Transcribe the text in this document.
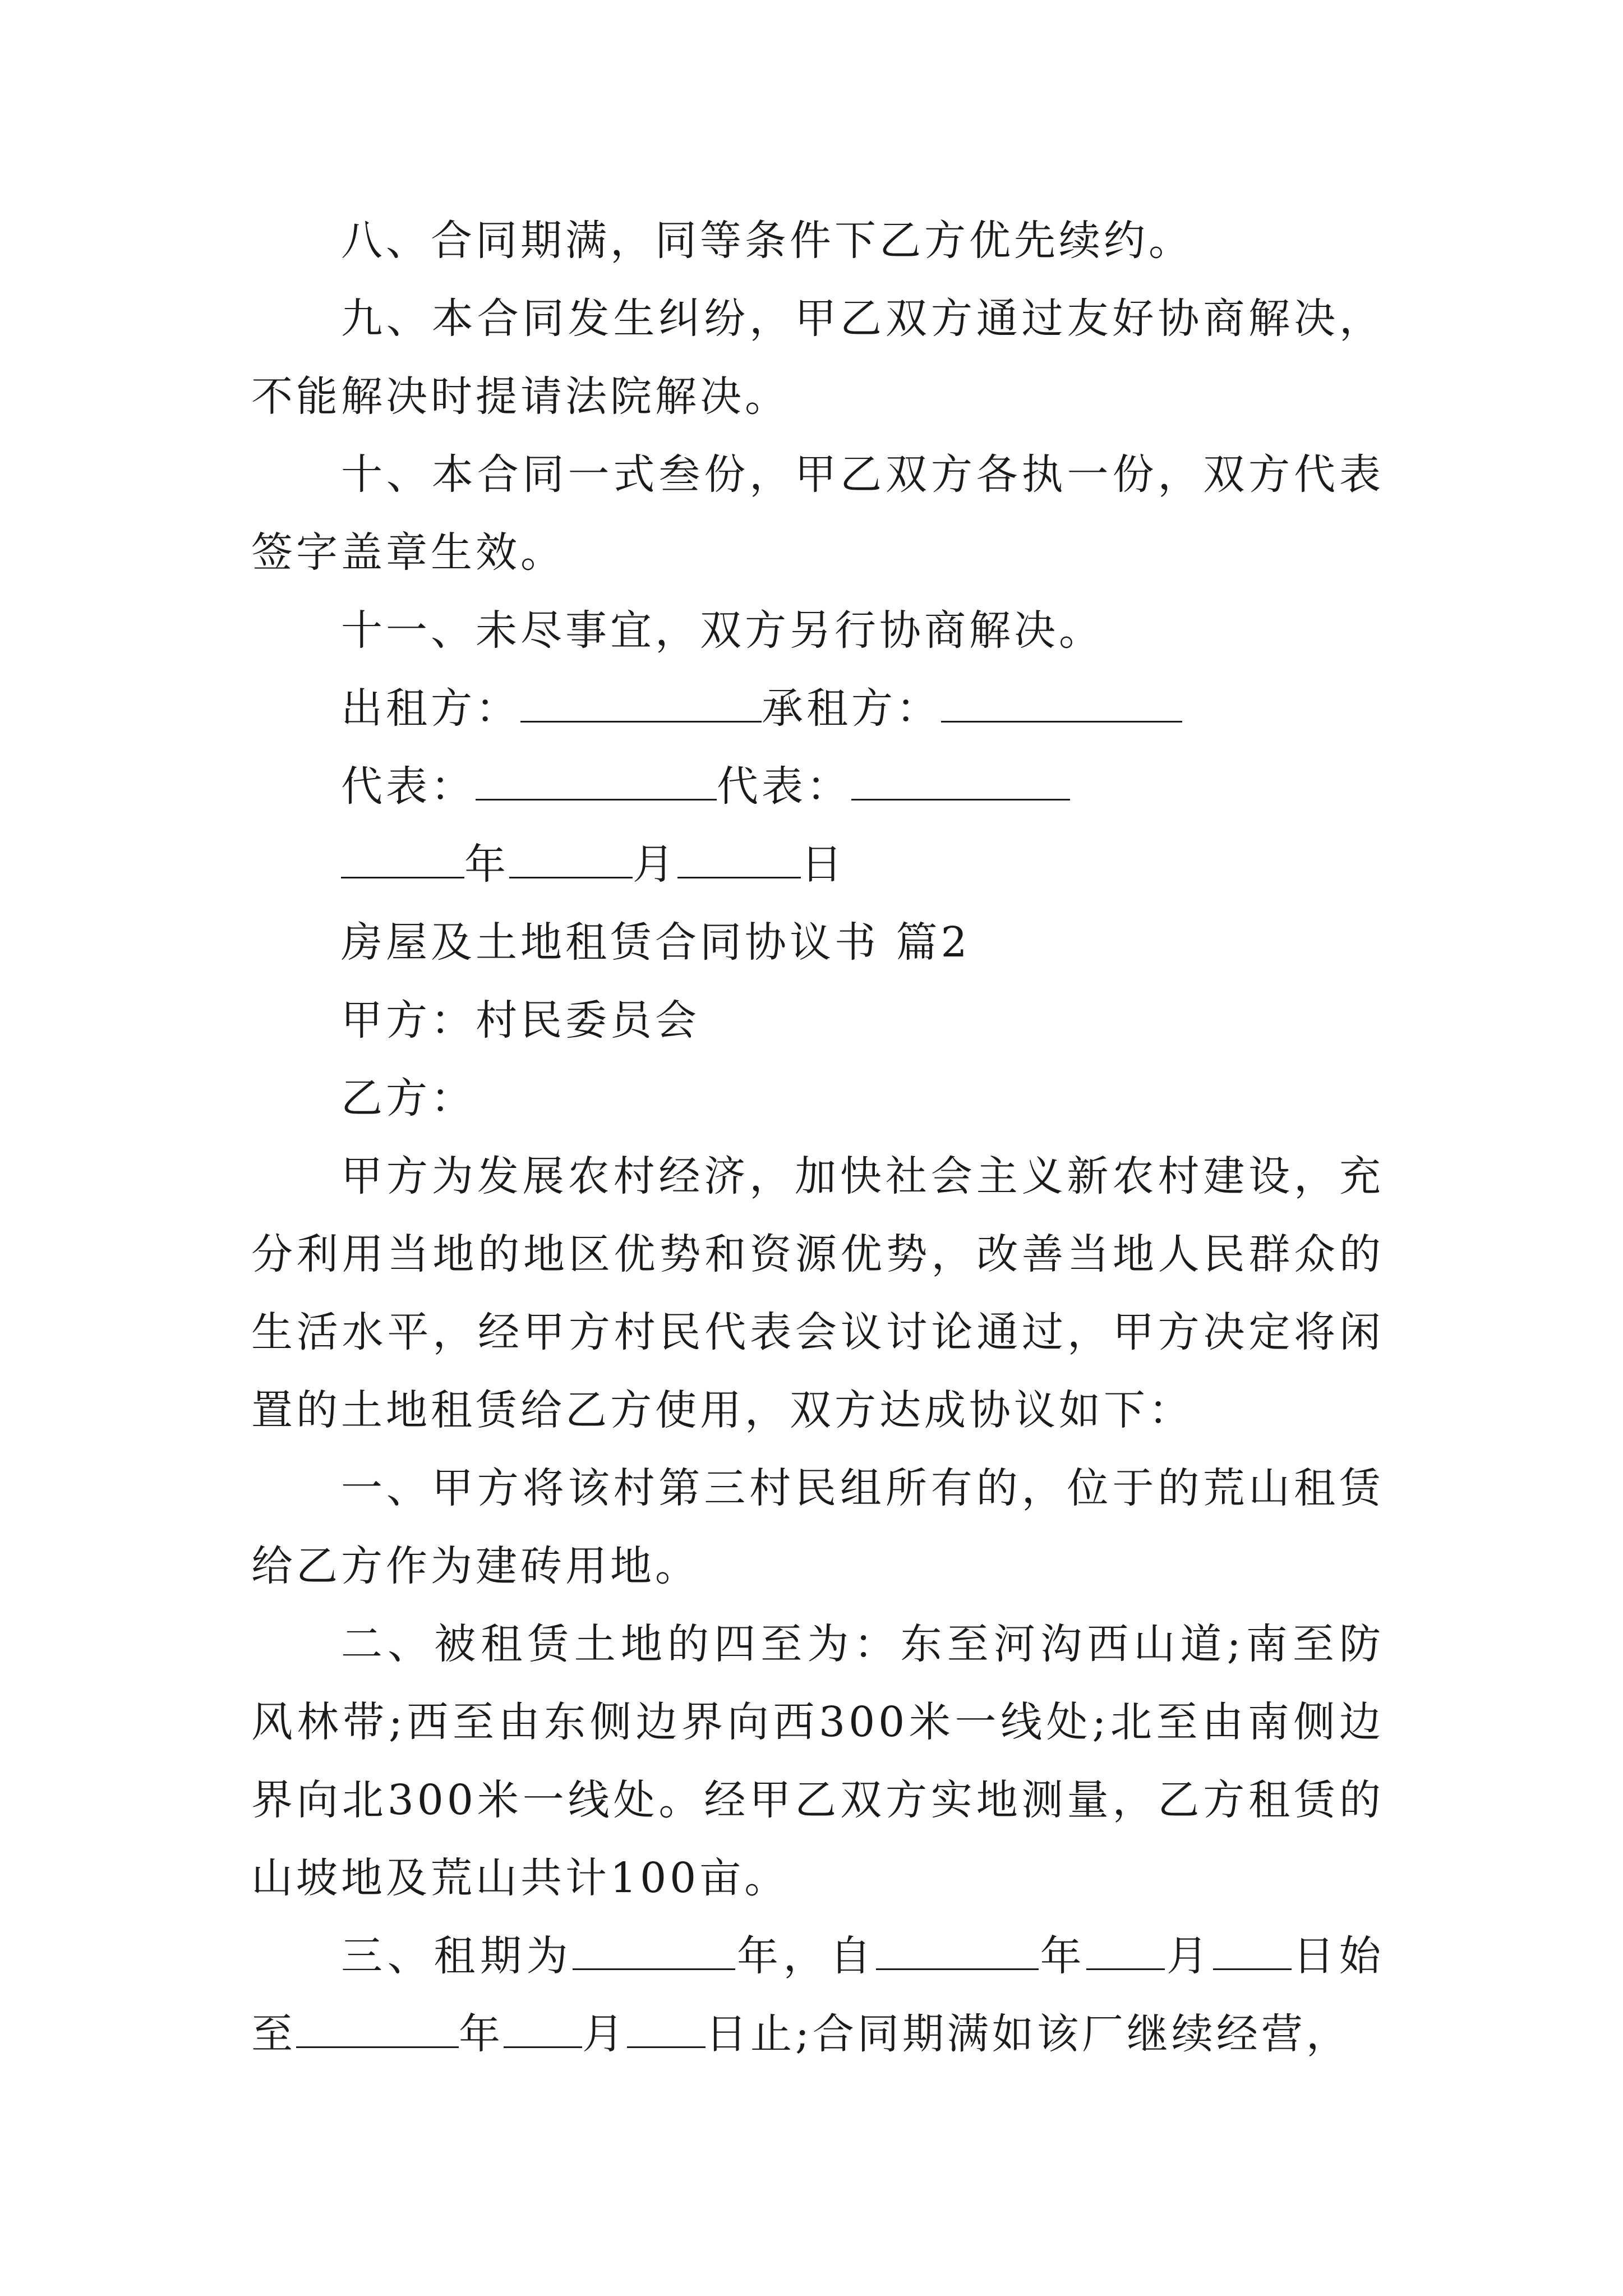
八、合同期满，同等条件下乙方优先续约。

九、本合同发生纠纷，甲乙双方通过友好协商解决，不能解决时提请法院解决。

十、本合同一式叁份，甲乙双方各执一份，双方代表签字盖章生效。

十一、未尽事宜，双方另行协商解决。

出租方：	承租方：

代表：	代表：

年	月	日

房屋及土地租赁合同协议书 篇2

甲方：村民委员会

乙方：

甲方为发展农村经济，加快社会主义新农村建设，充分利用当地的地区优势和资源优势，改善当地人民群众的生活水平，经甲方村民代表会议讨论通过，甲方决定将闲置的土地租赁给乙方使用，双方达成协议如下：

一、甲方将该村第三村民组所有的，位于的荒山租赁给乙方作为建砖用地。

二、被租赁土地的四至为：东至河沟西山道;南至防风林带;西至由东侧边界向西300米一线处;北至由南侧边界向北300米一线处。经甲乙双方实地测量，乙方租赁的山坡地及荒山共计100亩。

三、租期为	年，自	年 月 日始至	年 月 日止;合同期满如该厂继续经营，
